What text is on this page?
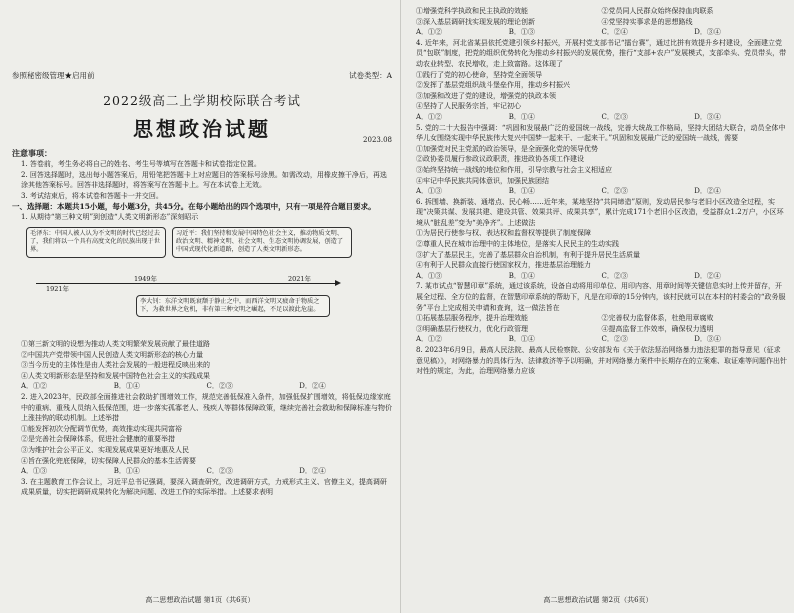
参照秘密级管理★启用前	试卷类型：A
2022级高二上学期校际联合考试
思想政治试题	2023.08
注意事项：
1. 答卷前，考生务必将自己的姓名、考生号等填写在答题卡和试卷指定位置。
2. 回答选择题时，选出每小题答案后，用铅笔把答题卡上对应题目的答案标号涂黑。如需改动，用橡皮擦干净后，再选涂其他答案标号。回答非选择题时，将答案写在答题卡上。写在本试卷上无效。
3. 考试结束后，将本试卷和答题卡一并交回。
一、选择题：本题共15小题，每小题3分，共45分。在每小题给出的四个选项中，只有一项是符合题目要求。
1. 从期待“第三种文明”到创造“人类文明新形态”深刻昭示
毛泽东：中国人被人认为不文明的时代已经过去了，我们将以一个具有高度文化的民族出现于世界。
习近平：我们坚持和发展中国特色社会主义，推动物质文明、政治文明、精神文明、社会文明、生态文明协调发展，创造了中国式现代化新道路，创造了人类文明新形态。
1921年
1949年	2021年
李大钊：东洋文明既衰颓于静止之中，而西洋文明又疲命于物质之下，为救世界之危机，非有第三种文明之崛起，不足以渡此危崖。
①第三新文明的设想为推动人类文明繁荣发展贡献了最佳道路
②中国共产党带领中国人民创造人类文明新形态的核心力量
③当今历史的主体性是由人类社会发展的一般进程反映出来的
④人类文明新形态是坚持和发展中国特色社会主义的实践成果
A．①②	B．①④	C．②③	D．②④
2. 进入2023年，民政部全面推进社会救助扩围增效工作，规范完善低保准入条件，加强低保扩围增效，将低保边缘家庭中的重病、重残人员纳入低保范围，进一步落实孤寡老人、残疾人等群体保障政策，继续完善社会救助和保障标准与物价上涨挂钩的联动机制。上述举措
①能发挥初次分配调节优势，高效推动实现共同富裕
②是完善社会保障体系，促进社会健康的重要举措
③为维护社会公平正义、实现发展成果更好地惠及人民
④旨在强化兜底保障，切实保障人民群众的基本生活需要
A．①③	B．①④	C．②③	D．②④
3. 在主题教育工作会议上，习近平总书记强调，要深入调查研究，改进调研方式，力戒形式主义、官僚主义，提高调研成果质量，切实把调研成果转化为解决问题、改进工作的实际举措。上述要求表明
高二思想政治试题 第1页（共6页）
①增强党科学执政和民主执政的效能	②党员同人民群众始终保持血肉联系
③深入基层调研找实现发展的理论创新	④党坚持实事求是的思想路线
A．①②	B．①③	C．②④	D．③④
4. 近年来，河北省某县依托党建引领乡村振兴，开展村党支部书记“擂台赛”，通过比拼有效提升乡村建设，全面建立党员“包联”制度，把党的组织优势转化为推动乡村振兴的发展优势，推行“支部+农户”发展模式，支部牵头、党员带头，带动农业转型、农民增收，走上致富路。这体现了
①践行了党的初心使命，坚持党全面领导
②发挥了基层党组织战斗堡垒作用，推动乡村振兴
③加强和改进了党的建设，增强党的执政本领
④坚持了人民服务宗旨，牢记初心
A．①②	B．①④	C．②③	D．③④
5. 党的二十大报告中强调：“巩固和发展最广泛的爱国统一战线，完善大统战工作格局，坚持大团结大联合，动员全体中华儿女围绕实现中华民族伟大复兴中国梦一起来干、一起来干。”巩固和发展最广泛的爱国统一战线，需要
①加强党对民主党派的政治领导，是全面强化党的领导优势
②政协委员履行参政议政职责，推进政协各项工作建设
③始终坚持统一战线的地位和作用，引导宗教与社会主义相适应
④牢记中华民族共同体意识，加强民族团结
A．①③	B．①④	C．②③	D．②④
6. 拆围墙、换新装、通堵点、民心畅……近年来，某地坚持“共同缔造”原则，发动居民参与老旧小区改造全过程，实现“决策共谋、发展共建、建设共管、效果共评、成果共享”，累计完成171个老旧小区改造，受益群众1.2万户，小区环境从“脏乱差”变为“美净齐”。上述做法
①为居民行使参与权、表达权和监督权等提供了制度保障
②尊重人民在城市治理中的主体地位，是落实人民民主的生动实践
③扩大了基层民主，完善了基层群众自治机制，有利于提升居民生活质量
④有利于人民群众直接行使国家权力，推进基层治理能力
A．①③	B．①④	C．②③	D．②④
7. 某市试点“智慧印章”系统，通过该系统，设备自动将用印单位、用印内容、用章时间等关键信息实时上传并留存，开展全过程、全方位的监督，在智慧印章系统的帮助下，凡是在印章的15分钟内，该村民就可以在本村的村委会的“政务服务”平台上完成相关申请和查询，这一做法旨在
①拓展基层服务程序，提升治理效能	②完善权力监督体系，杜绝用章腐败
③明确基层行使权力，优化行政管理	④提高监督工作效率，确保权力透明
A．①②	B．①④	C．②③	D．③④
8. 2023年6月9日，最高人民法院、最高人民检察院、公安部发布《关于依法惩治网络暴力违法犯罪的指导意见（征求意见稿）》，对网络暴力的具体行为、法律救济等予以明确，并对网络暴力案件中长期存在的立案难、取证难等问题作出针对性的规定，为此，治理网络暴力应该
高二思想政治试题 第2页（共6页）
